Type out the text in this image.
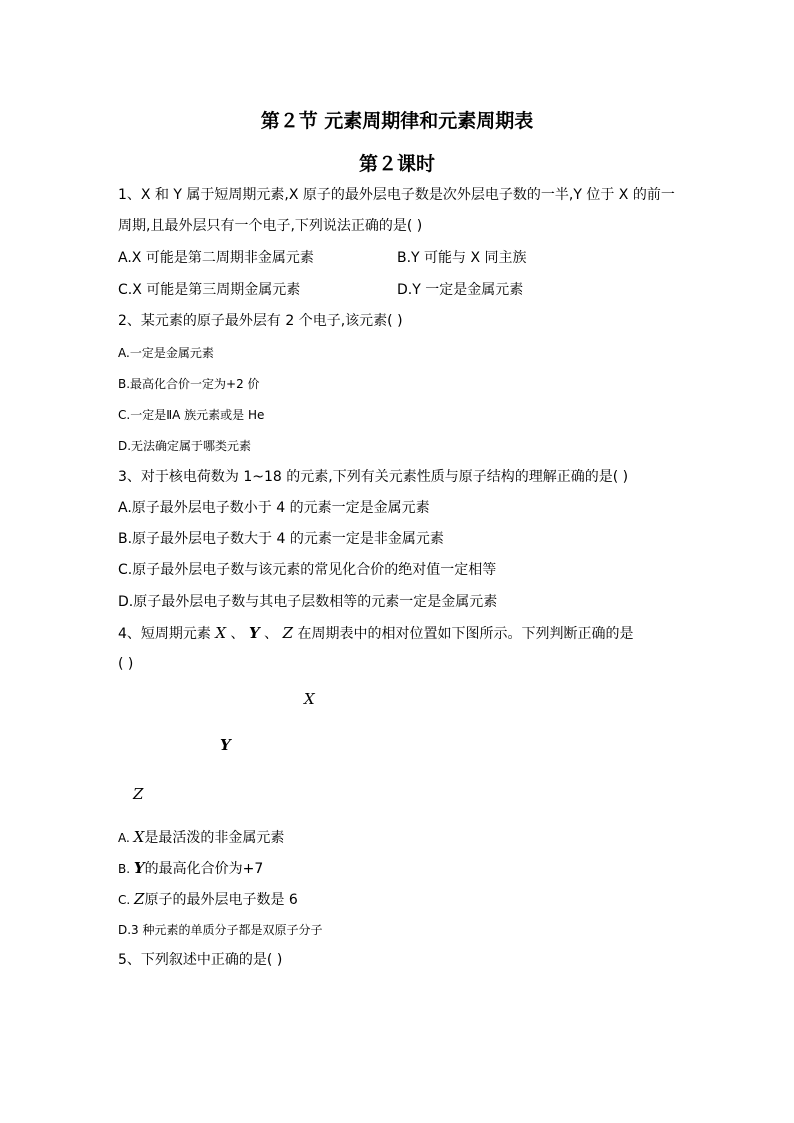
第２节 元素周期律和元素周期表
第２课时
1、X 和 Y 属于短周期元素,X 原子的最外层电子数是次外层电子数的一半,Y 位于 X 的前一
周期,且最外层只有一个电子,下列说法正确的是( )
A.X 可能是第二周期非金属元素	B.Y 可能与 X 同主族
C.X 可能是第三周期金属元素	D.Y 一定是金属元素
2、某元素的原子最外层有 2 个电子,该元素( )
A.一定是金属元素
B.最高化合价一定为+2 价
C.一定是ⅡA 族元素或是 He
D.无法确定属于哪类元素
3、对于核电荷数为 1~18 的元素,下列有关元素性质与原子结构的理解正确的是( )
A.原子最外层电子数小于 4 的元素一定是金属元素
B.原子最外层电子数大于 4 的元素一定是非金属元素
C.原子最外层电子数与该元素的常见化合价的绝对值一定相等
D.原子最外层电子数与其电子层数相等的元素一定是金属元素
4、短周期元素 X 、 Y 、 Z 在周期表中的相对位置如下图所示。下列判断正确的是
( )
X
Y
Z
A. X是最活泼的非金属元素
B. Y的最高化合价为+7
C. Z原子的最外层电子数是 6
D.3 种元素的单质分子都是双原子分子
5、下列叙述中正确的是( )
